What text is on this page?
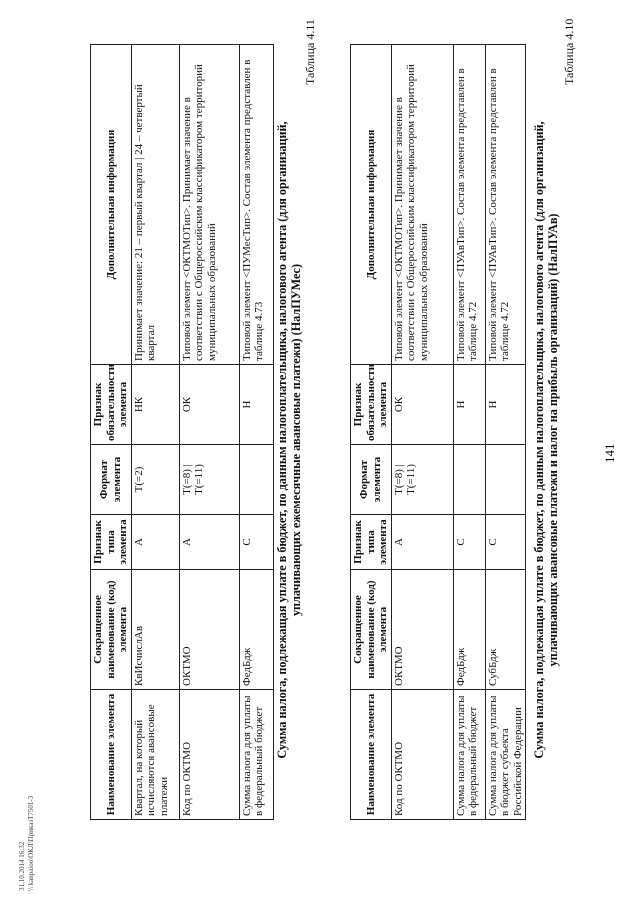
141
Таблица 4.10
Сумма налога, подлежащая уплате в бюджет, по данным налогоплательщика, налогового агента (для организаций, уплачивающих авансовые платежи и налог на прибыль организаций) (НалПУАв)
Наименование элемента	Сокращенное наименование (код) элемента	Признак типа элемента	Формат элемента	Признак обязательности элемента	Дополнительная информация
Код по ОКТМО	ОКТМО	А	T(=8) | T(=11)	ОК	Типовой элемент <ОКТМОТип>. Принимает значение в соответствии с Общероссийским классификатором территорий муниципальных образований
Сумма налога для уплаты в федеральный бюджет	ФедБдж	С		Н	Типовой элемент <ПУАвТип>. Состав элемента представлен в таблице 4.72
Сумма налога для уплаты в бюджет субъекта Российской Федерации	СубБдж	С		Н	Типовой элемент <ПУАвТип>. Состав элемента представлен в таблице 4.72
Таблица 4.11
Сумма налога, подлежащая уплате в бюджет, по данным налогоплательщика, налогового агента (для организаций, уплачивающих ежемесячные авансовые платежи) (НалПУМес)
Наименование элемента	Сокращенное наименование (код) элемента	Признак типа элемента	Формат элемента	Признак обязательности элемента	Дополнительная информация
Квартал, на который исчисляются авансовые платежи	КвИсчислАв	А	T(=2)	НК	Принимает значение: 21 – первый квартал | 24 – четвертый квартал
Код по ОКТМО	ОКТМО	А	T(=8) | T(=11)	ОК	Типовой элемент <ОКТМОТип>. Принимает значение в соответствии с Общероссийским классификатором территорий муниципальных образований
Сумма налога для уплаты в федеральный бюджет	ФедБдж	С		Н	Типовой элемент <ПУМесТип>. Состав элемента представлен в таблице 4.73
31.10.2014 16:32 \\ kanpaioo\ОКЛ\ПриказТ7501-3
